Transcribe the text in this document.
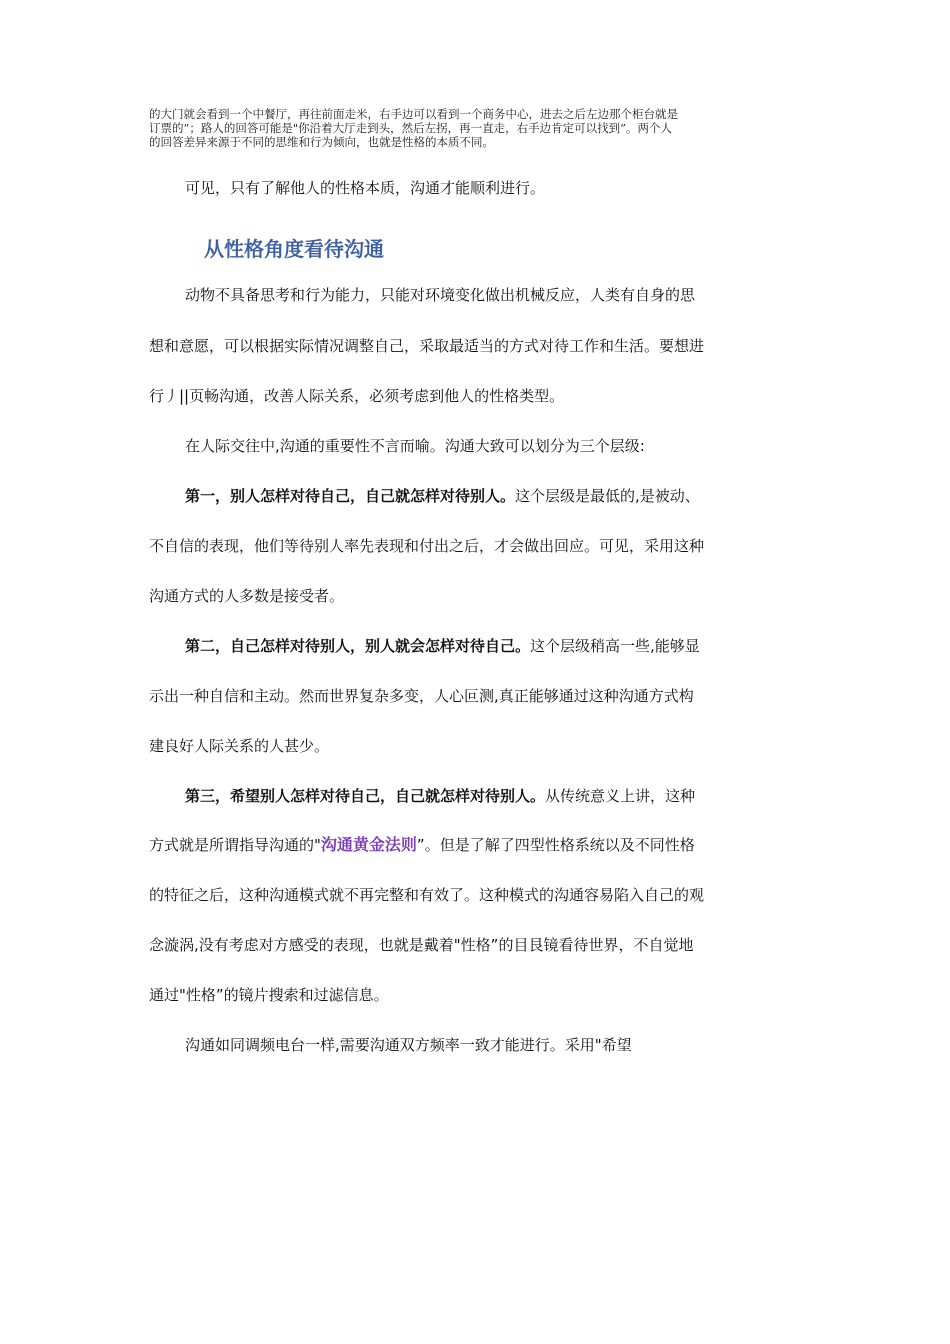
的大门就会看到一个中餐厅，再往前面走米，右手边可以看到一个商务中心，进去之后左边那个柜台就是
订票的”；路人的回答可能是"你沿着大厅走到头，然后左拐，再一直走，右手边肯定可以找到”。两个人
的回答差异来源于不同的思维和行为倾向，也就是性格的本质不同。

可见，只有了解他人的性格本质，沟通才能顺利进行。

从性格角度看待沟通

动物不具备思考和行为能力，只能对环境变化做出机械反应，人类有自身的思

想和意愿，可以根据实际情况调整自己，采取最适当的方式对待工作和生活。要想进

行丿||页畅沟通，改善人际关系，必须考虑到他人的性格类型。

在人际交往中,沟通的重要性不言而喻。沟通大致可以划分为三个层级:

第一，别人怎样对待自己，自己就怎样对待别人。这个层级是最低的,是被动、

不自信的表现，他们等待别人率先表现和付出之后，才会做出回应。可见，采用这种

沟通方式的人多数是接受者。

第二，自己怎样对待别人，别人就会怎样对待自己。这个层级稍高一些,能够显

示出一种自信和主动。然而世界复杂多变，人心叵测,真正能够通过这种沟通方式构

建良好人际关系的人甚少。

第三，希望别人怎样对待自己，自己就怎样对待别人。从传统意义上讲，这种

方式就是所谓指导沟通的"沟通黄金法则”。但是了解了四型性格系统以及不同性格

的特征之后，这种沟通模式就不再完整和有效了。这种模式的沟通容易陷入自己的观

念漩涡,没有考虑对方感受的表现，也就是戴着"性格”的目艮镜看待世界，不自觉地

通过"性格”的镜片搜索和过滤信息。

沟通如同调频电台一样,需要沟通双方频率一致才能进行。采用"希望
